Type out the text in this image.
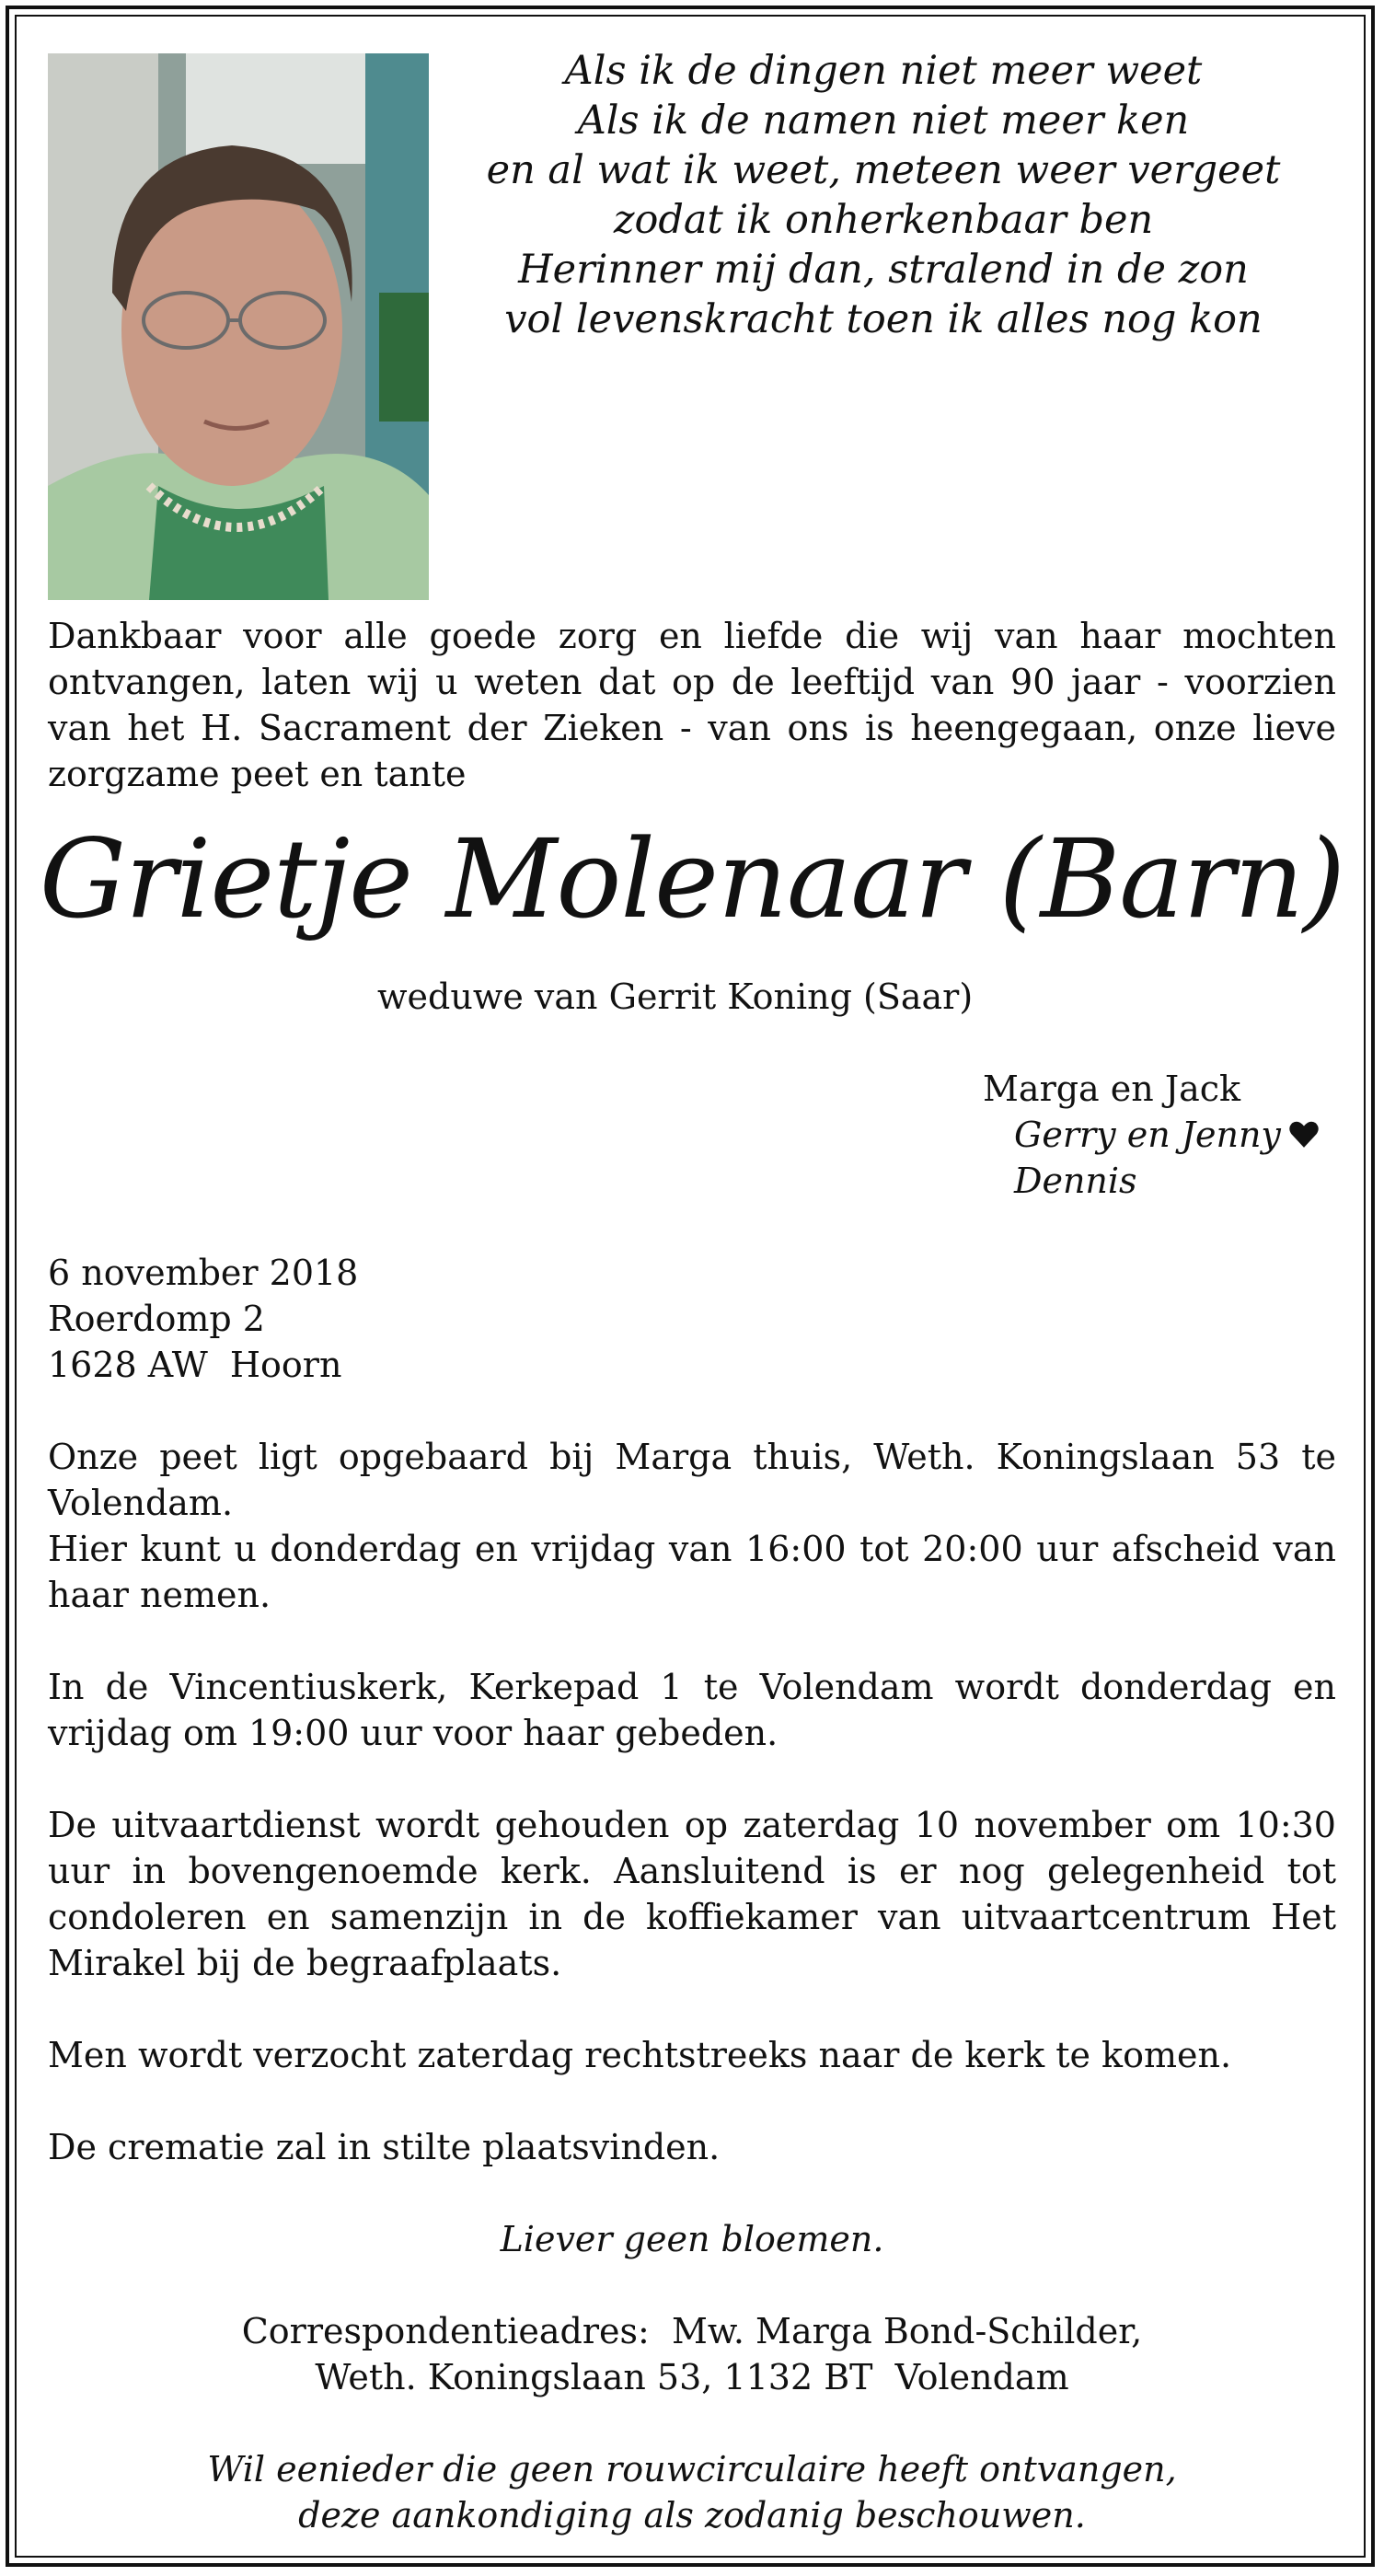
Als ik de dingen niet meer weet
Als ik de namen niet meer ken
en al wat ik weet, meteen weer vergeet
zodat ik onherkenbaar ben
Herinner mij dan, stralend in de zon
vol levenskracht toen ik alles nog kon
Dankbaar voor alle goede zorg en liefde die wij van haar mochten
ontvangen, laten wij u weten dat op de leeftijd van 90 jaar - voorzien
van het H. Sacrament der Zieken - van ons is heengegaan, onze lieve
zorgzame peet en tante
Grietje Molenaar (Barn)
weduwe van Gerrit Koning (Saar)
Marga en Jack
Gerry en Jenny
Dennis
6 november 2018
Roerdomp 2
1628 AW  Hoorn
Onze peet ligt opgebaard bij Marga thuis, Weth. Koningslaan 53 te
Volendam.
Hier kunt u donderdag en vrijdag van 16:00 tot 20:00 uur afscheid van
haar nemen.
In de Vincentiuskerk, Kerkepad 1 te Volendam wordt donderdag en
vrijdag om 19:00 uur voor haar gebeden.
De uitvaartdienst wordt gehouden op zaterdag 10 november om 10:30
uur in bovengenoemde kerk. Aansluitend is er nog gelegenheid tot
condoleren en samenzijn in de koffiekamer van uitvaartcentrum Het
Mirakel bij de begraafplaats.
Men wordt verzocht zaterdag rechtstreeks naar de kerk te komen.
De crematie zal in stilte plaatsvinden.
Liever geen bloemen.
Correspondentieadres:  Mw. Marga Bond-Schilder,
Weth. Koningslaan 53, 1132 BT  Volendam
Wil eenieder die geen rouwcirculaire heeft ontvangen,
deze aankondiging als zodanig beschouwen.
